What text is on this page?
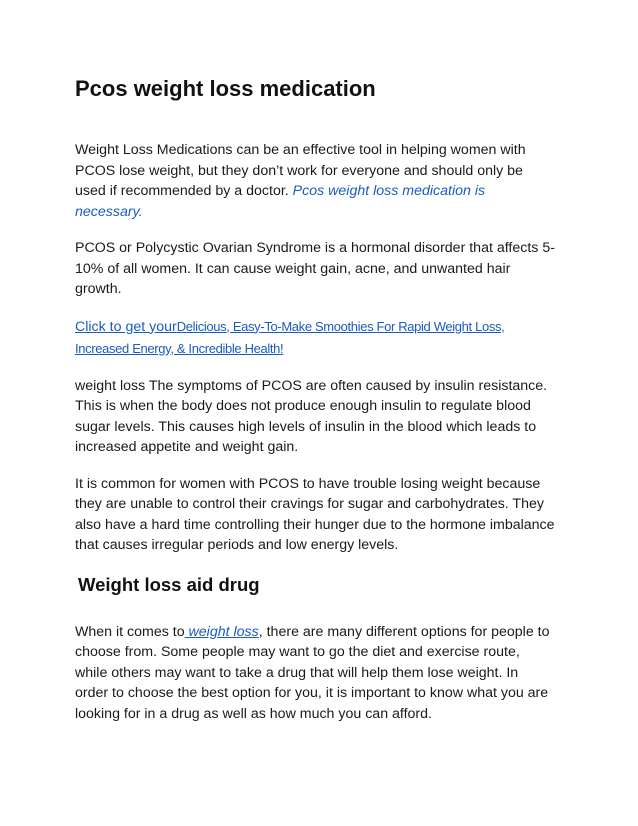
Pcos weight loss medication

Weight Loss Medications can be an effective tool in helping women with PCOS lose weight, but they don’t work for everyone and should only be used if recommended by a doctor. Pcos weight loss medication is necessary.

PCOS or Polycystic Ovarian Syndrome is a hormonal disorder that affects 5-10% of all women. It can cause weight gain, acne, and unwanted hair growth.

Click to get yourDelicious, Easy-To-Make Smoothies For Rapid Weight Loss, Increased Energy, & Incredible Health!

weight loss The symptoms of PCOS are often caused by insulin resistance. This is when the body does not produce enough insulin to regulate blood sugar levels. This causes high levels of insulin in the blood which leads to increased appetite and weight gain.

It is common for women with PCOS to have trouble losing weight because they are unable to control their cravings for sugar and carbohydrates. They also have a hard time controlling their hunger due to the hormone imbalance that causes irregular periods and low energy levels.

Weight loss aid drug

When it comes to weight loss, there are many different options for people to choose from. Some people may want to go the diet and exercise route, while others may want to take a drug that will help them lose weight. In order to choose the best option for you, it is important to know what you are looking for in a drug as well as how much you can afford.
